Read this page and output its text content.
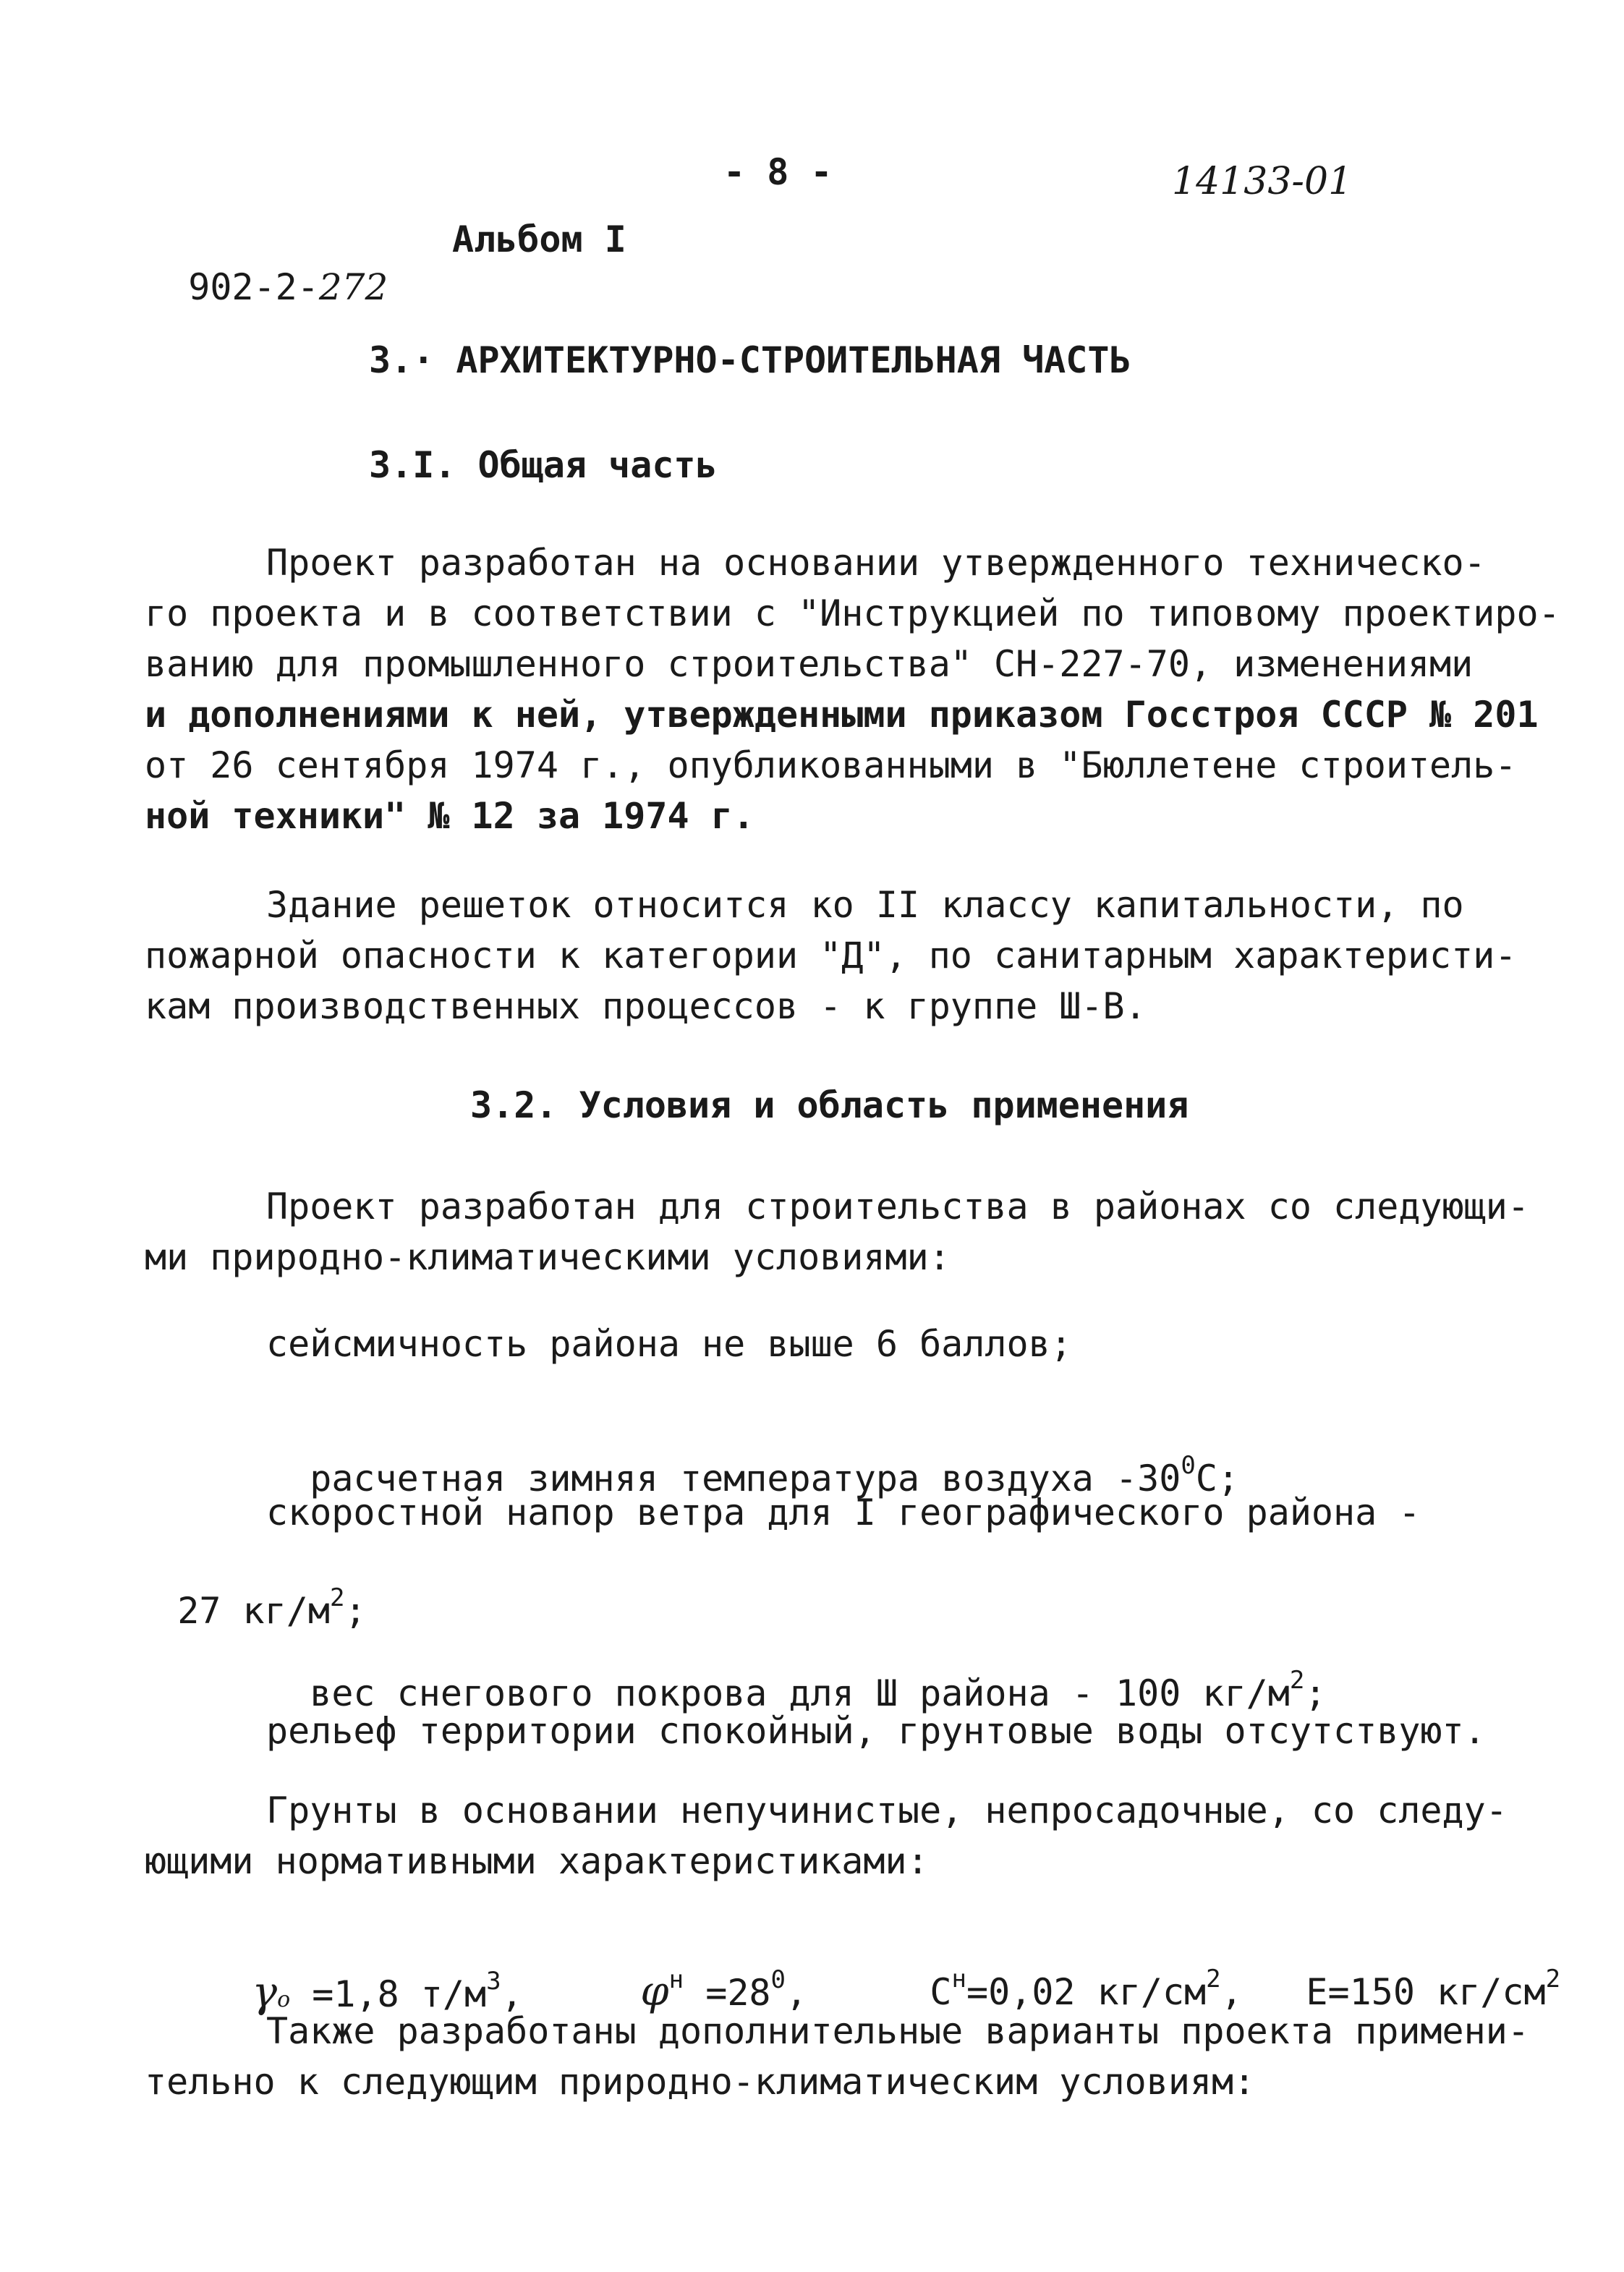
- 8 -	14133-01

902-2-272

Альбом I
3.· АРХИТЕКТУРНО-СТРОИТЕЛЬНАЯ ЧАСТЬ
3.I. Общая часть
Проект разработан на основании утвержденного техническо-
го проекта и в соответствии с "Инструкцией по типовому проектиро-
ванию для промышленного строительства" СН-227-70, изменениями
и дополнениями к ней, утвержденными приказом Госстроя СССР № 201
от 26 сентября 1974 г., опубликованными в "Бюллетене строитель-
ной техники" № 12 за 1974 г.
Здание решеток относится ко II классу капитальности, по
пожарной опасности к категории "Д", по санитарным характеристи-
кам производственных процессов - к группе Ш-В.
3.2. Условия и область применения
Проект разработан для строительства в районах со следующи-
ми природно-климатическими условиями:
сейсмичность района не выше 6 баллов;

расчетная зимняя температура воздуха $-30^0С$;

скоростной напор ветра для I географического района -

27 $кг/м^2$;

вес снегового покрова для Ш района - 100 $кг/м^2$;

рельеф территории спокойный, грунтовые воды отсутствуют.
Грунты в основании непучинистые, непросадочные, со следу-
ющими нормативными характеристиками:

γo =1,8 $т/м^3$,
	$\varphi^н =28^0$,
	$С^н=0,02$ $кг/см^2$,
	Е=150 $кг/см^2$

Также разработаны дополнительные варианты проекта примени-
тельно к следующим природно-климатическим условиям:
